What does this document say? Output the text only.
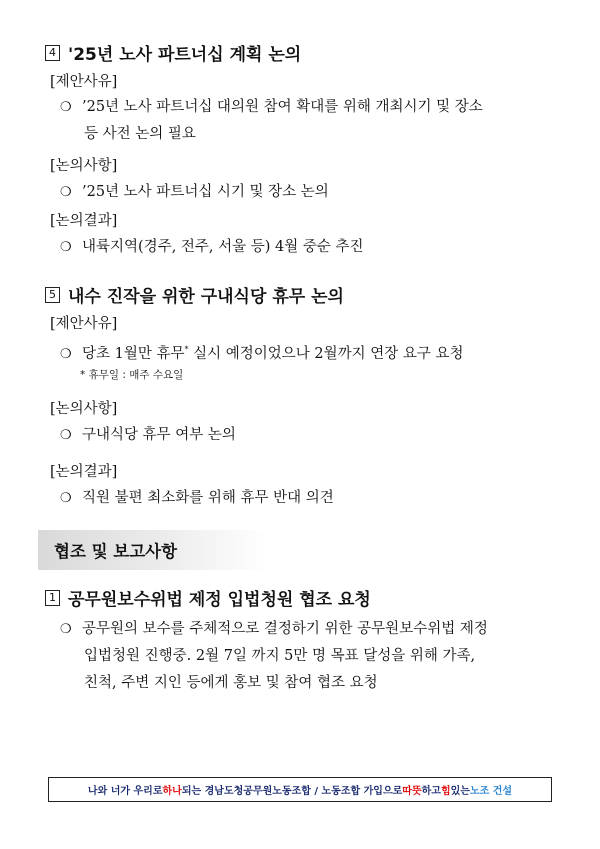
4 '25년 노사 파트너십 계획 논의
[제안사유]
❍ ’25년 노사 파트너십 대의원 참여 확대를 위해 개최시기 및 장소
등 사전 논의 필요
[논의사항]
❍ ’25년 노사 파트너십 시기 및 장소 논의
[논의결과]
❍ 내륙지역(경주, 전주, 서울 등) 4월 중순 추진
5 내수 진작을 위한 구내식당 휴무 논의
[제안사유]
❍ 당초 1월만 휴무* 실시 예정이었으나 2월까지 연장 요구 요청
* 휴무일 : 매주 수요일
[논의사항]
❍ 구내식당 휴무 여부 논의
[논의결과]
❍ 직원 불편 최소화를 위해 휴무 반대 의견
협조 및 보고사항
1 공무원보수위법 제정 입법청원 협조 요청
❍ 공무원의 보수를 주체적으로 결정하기 위한 공무원보수위법 제정
입법청원 진행중. 2월 7일 까지 5만 명 목표 달성을 위해 가족,
친척, 주변 지인 등에게 홍보 및 참여 협조 요청
나와 너가 우리로 하나 되는 경남도청공무원노동조합 / 노동조합 가입으로 따뜻 하고 힘 있는 노조 건설
